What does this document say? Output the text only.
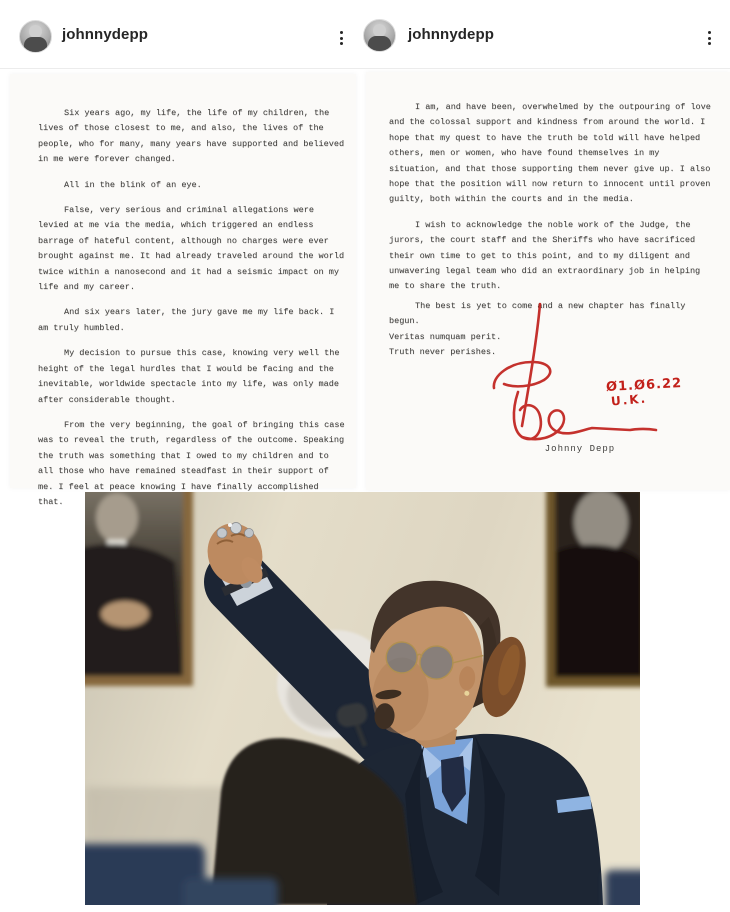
johnnydepp	johnnydepp

Six years ago, my life, the life of my children, the lives of those closest to me, and also, the lives of the people, who for many, many years have supported and believed in me were forever changed.

All in the blink of an eye.

False, very serious and criminal allegations were levied at me via the media, which triggered an endless barrage of hateful content, although no charges were ever brought against me. It had already traveled around the world twice within a nanosecond and it had a seismic impact on my life and my career.

And six years later, the jury gave me my life back. I am truly humbled.

My decision to pursue this case, knowing very well the height of the legal hurdles that I would be facing and the inevitable, worldwide spectacle into my life, was only made after considerable thought.

From the very beginning, the goal of bringing this case was to reveal the truth, regardless of the outcome. Speaking the truth was something that I owed to my children and to all those who have remained steadfast in their support of me. I feel at peace knowing I have finally accomplished that.

I am, and have been, overwhelmed by the outpouring of love and the colossal support and kindness from around the world. I hope that my quest to have the truth be told will have helped others, men or women, who have found themselves in my situation, and that those supporting them never give up. I also hope that the position will now return to innocent until proven guilty, both within the courts and in the media.

I wish to acknowledge the noble work of the Judge, the jurors, the court staff and the Sheriffs who have sacrificed their own time to get to this point, and to my diligent and unwavering legal team who did an extraordinary job in helping me to share the truth.

The best is yet to come and a new chapter has finally begun.

Veritas numquam perit.

Truth never perishes.

Ø1.Ø6.22
U.K.
Johnny Depp
